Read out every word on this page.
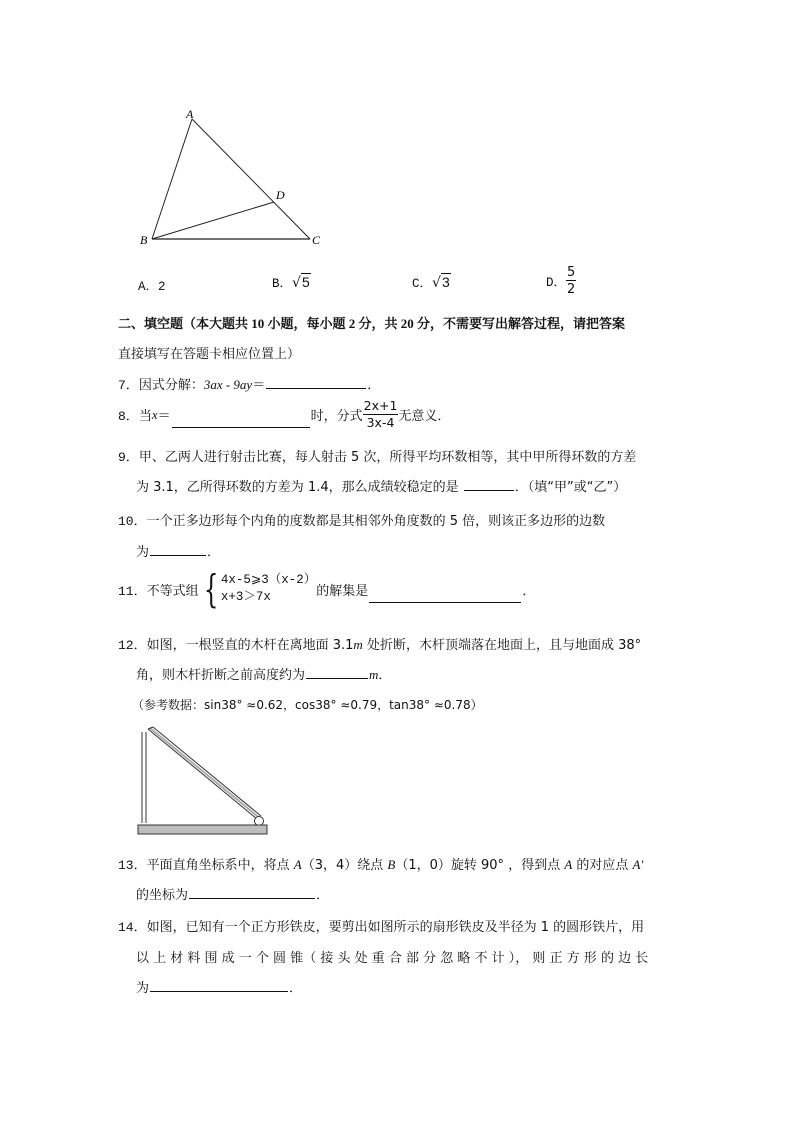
A
B	C
D
A．2	B．√5	C．√3	D． $\frac{5}{2}$
二、填空题（本大题共 10 小题，每小题 2 分，共 20 分，不需要写出解答过程，请把答案
直接填写在答题卡相应位置上）
7．因式分解：3ax - 9ay＝	．
8． 当 x ＝	时，分式 $\frac{2x+1}{3x-4}$ 无意义．
9．甲、乙两人进行射击比赛，每人射击 5 次，所得平均环数相等，其中甲所得环数的方差
为 3.1，乙所得环数的方差为 1.4，那么成绩较稳定的是	．（填“甲”或“乙”）
10．一个正多边形每个内角的度数都是其相邻外角度数的 5 倍，则该正多边形的边数
为	．
11． 不等式组 { 4x-5⩾3（x-2）
x+3＞7x	的解集是	．
12．如图，一根竖直的木杆在离地面 3.1m 处折断，木杆顶端落在地面上，且与地面成 38°
角，则木杆折断之前高度约为	m．
（参考数据：sin38° ≈0.62，cos38° ≈0.79，tan38° ≈0.78）
13．平面直角坐标系中，将点 A（3，4）绕点 B（1，0）旋转 90° ，得到点 A 的对应点 A'
的坐标为	．
14．如图，已知有一个正方形铁皮，要剪出如图所示的扇形铁皮及半径为 1 的圆形铁片，用
以 上 材 料 围 成 一 个 圆 锥（ 接 头 处 重 合 部 分 忽 略 不 计 ）， 则 正 方 形 的 边 长
为	．
